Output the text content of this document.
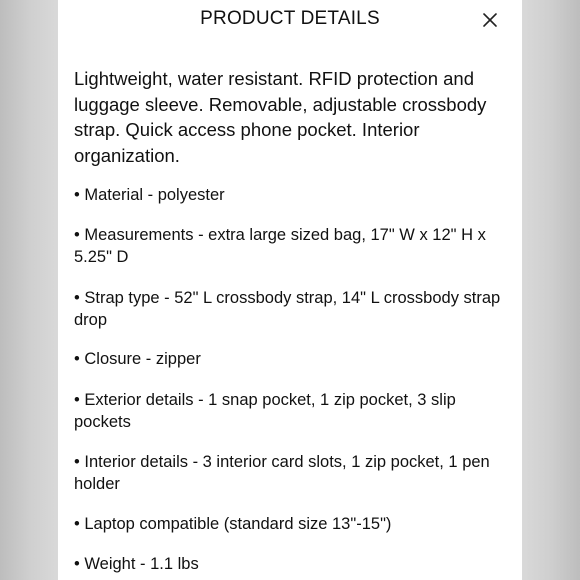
PRODUCT DETAILS
Lightweight, water resistant. RFID protection and luggage sleeve. Removable, adjustable crossbody strap. Quick access phone pocket. Interior organization.
• Material - polyester
• Measurements - extra large sized bag, 17" W x 12" H x 5.25" D
• Strap type - 52" L crossbody strap, 14" L crossbody strap drop
• Closure - zipper
• Exterior details - 1 snap pocket, 1 zip pocket, 3 slip pockets
• Interior details - 3 interior card slots, 1 zip pocket, 1 pen holder
• Laptop compatible (standard size 13"-15")
• Weight - 1.1 lbs
